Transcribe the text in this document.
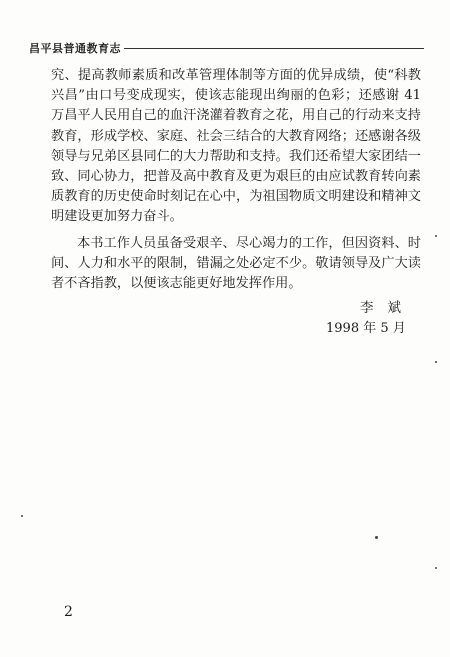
昌平县普通教育志

究、提高教师素质和改革管理体制等方面的优异成绩，使“科教
兴昌”由口号变成现实，使该志能现出绚丽的色彩；还感谢 41
万昌平人民用自己的血汗浇灌着教育之花，用自己的行动来支持
教育，形成学校、家庭、社会三结合的大教育网络；还感谢各级
领导与兄弟区县同仁的大力帮助和支持。我们还希望大家团结一
致、同心协力，把普及高中教育及更为艰巨的由应试教育转向素
质教育的历史使命时刻记在心中，为祖国物质文明建设和精神文
明建设更加努力奋斗。

本书工作人员虽备受艰辛、尽心竭力的工作，但因资料、时
间、人力和水平的限制，错漏之处必定不少。敬请领导及广大读
者不吝指教，以便该志能更好地发挥作用。

李斌
1998 年 5 月
2
